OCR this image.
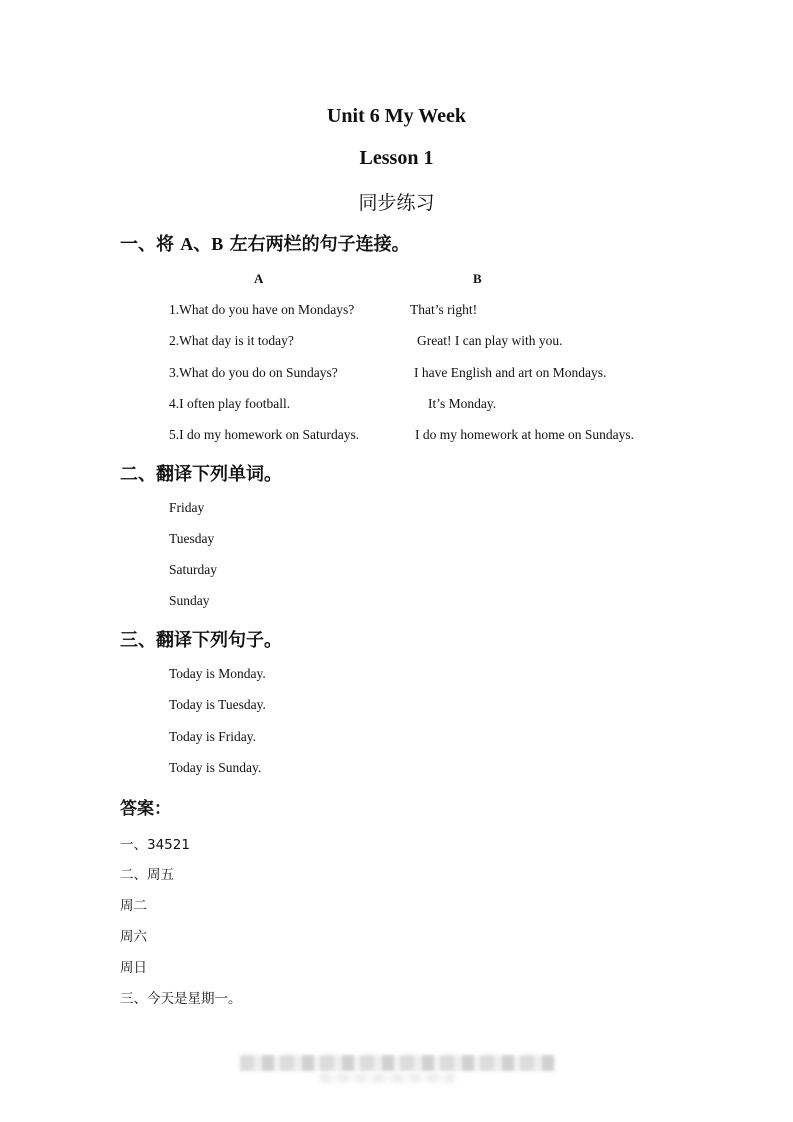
Unit 6 My Week
Lesson 1
同步练习
一、将 A、B 左右两栏的句子连接。
A	B
1.What do you have on Mondays?
2.What day is it today?
3.What do you do on Sundays?
4.I often play football.
5.I do my homework on Saturdays.
That’s right!
Great! I can play with you.
I have English and art on Mondays.
It’s Monday.
I do my homework at home on Sundays.
二、翻译下列单词。
Friday
Tuesday
Saturday
Sunday
三、翻译下列句子。
Today is Monday.
Today is Tuesday.
Today is Friday.
Today is Sunday.
答案：
一、34521
二、周五
周二
周六
周日
三、今天是星期一。
